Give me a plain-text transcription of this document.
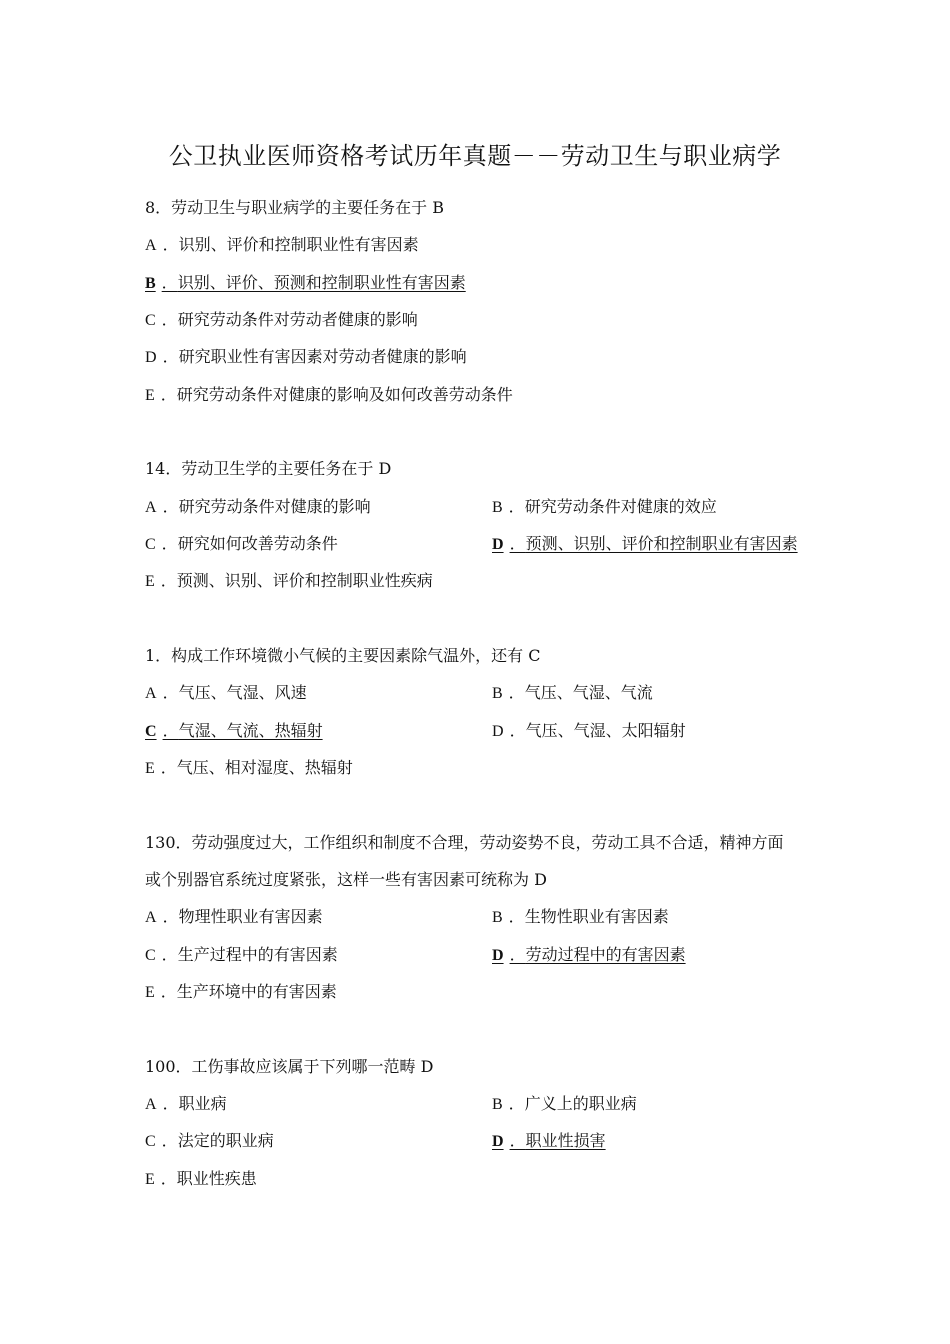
公卫执业医师资格考试历年真题－－劳动卫生与职业病学
8．劳动卫生与职业病学的主要任务在于 B
A ．识别、评价和控制职业性有害因素
B ．识别、评价、预测和控制职业性有害因素
C ．研究劳动条件对劳动者健康的影响
D ．研究职业性有害因素对劳动者健康的影响
E ．研究劳动条件对健康的影响及如何改善劳动条件
14．劳动卫生学的主要任务在于 D
A ．研究劳动条件对健康的影响	B ．研究劳动条件对健康的效应
C ．研究如何改善劳动条件	D ．预测、识别、评价和控制职业有害因素
E ．预测、识别、评价和控制职业性疾病
1．构成工作环境微小气候的主要因素除气温外，还有 C
A ．气压、气湿、风速	B ．气压、气湿、气流
C ．气湿、气流、热辐射	D ．气压、气湿、太阳辐射
E ．气压、相对湿度、热辐射
130．劳动强度过大，工作组织和制度不合理，劳动姿势不良，劳动工具不合适，精神方面
或个别器官系统过度紧张，这样一些有害因素可统称为 D
A ．物理性职业有害因素	B ．生物性职业有害因素
C ．生产过程中的有害因素	D ．劳动过程中的有害因素
E ．生产环境中的有害因素
100．工伤事故应该属于下列哪一范畴 D
A ．职业病	B ．广义上的职业病
C ．法定的职业病	D ．职业性损害
E ．职业性疾患
